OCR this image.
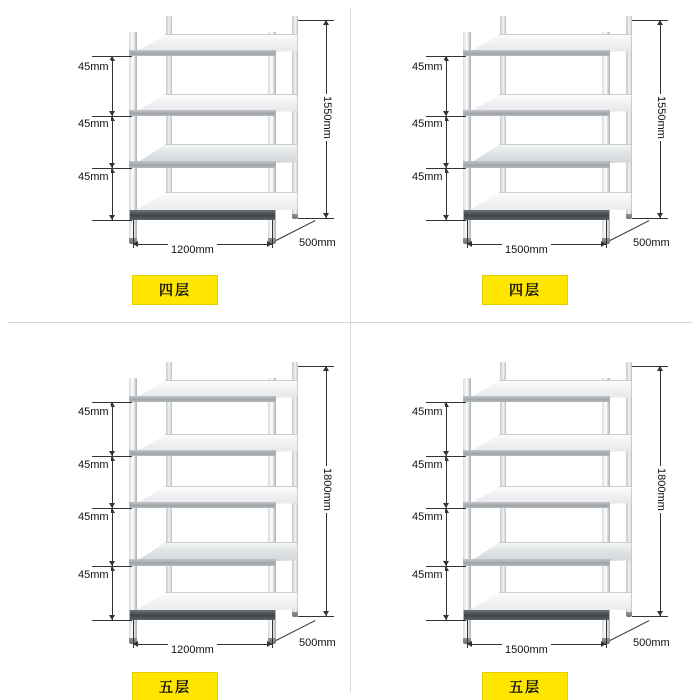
45mm
45mm
45mm
1550mm
1200mm
500mm
四层
45mm
45mm
45mm
1550mm
1500mm
500mm
四层
45mm
45mm
45mm
45mm
1800mm
1200mm
500mm
五层
45mm
45mm
45mm
45mm
1800mm
1500mm
500mm
五层
